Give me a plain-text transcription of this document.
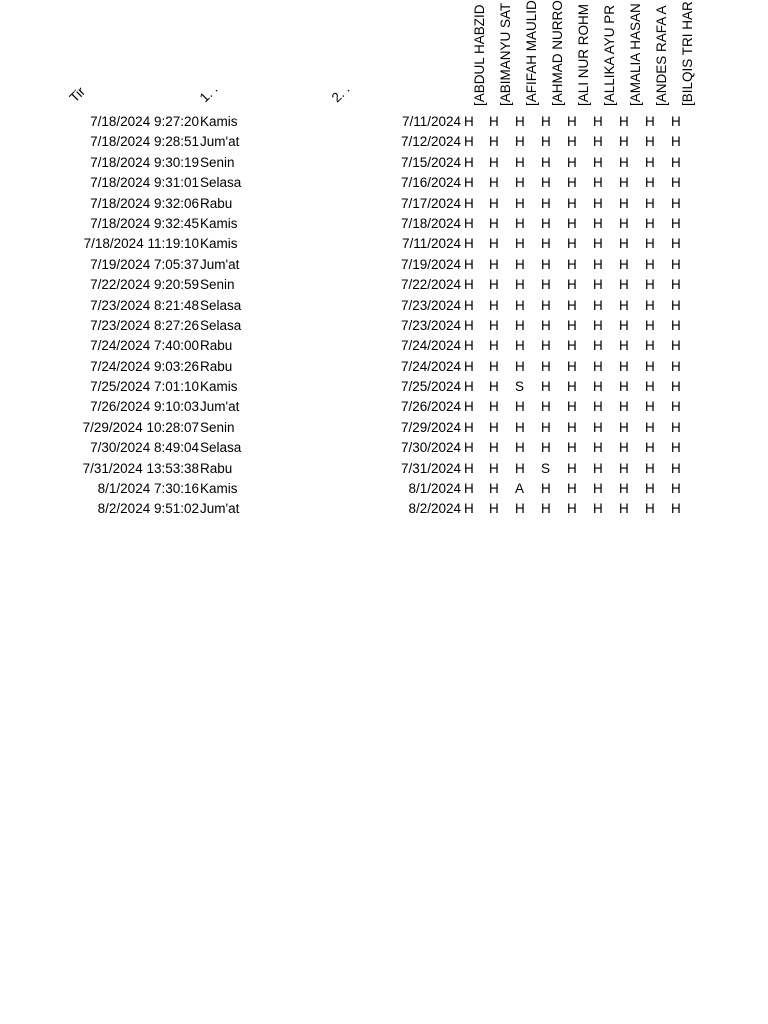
Tir	1. .	2. .	[ABDUL HABZID [ABIMANYU SAT [AFIFAH MAULID [AHMAD NURRO [ALI NUR ROHM [ALLIKA AYU PR [AMALIA HASAN [ANDES RAFA A [BILQIS TRI HAR
7/18/2024 9:27:20 Kamis	7/11/2024 H H H H H H H H H
7/18/2024 9:28:51 Jum'at	7/12/2024 H H H H H H H H H
7/18/2024 9:30:19 Senin	7/15/2024 H H H H H H H H H
7/18/2024 9:31:01 Selasa	7/16/2024 H H H H H H H H H
7/18/2024 9:32:06 Rabu	7/17/2024 H H H H H H H H H
7/18/2024 9:32:45 Kamis	7/18/2024 H H H H H H H H H
7/18/2024 11:19:10 Kamis	7/11/2024 H H H H H H H H H
7/19/2024 7:05:37 Jum'at	7/19/2024 H H H H H H H H H
7/22/2024 9:20:59 Senin	7/22/2024 H H H H H H H H H
7/23/2024 8:21:48 Selasa	7/23/2024 H H H H H H H H H
7/23/2024 8:27:26 Selasa	7/23/2024 H H H H H H H H H
7/24/2024 7:40:00 Rabu	7/24/2024 H H H H H H H H H
7/24/2024 9:03:26 Rabu	7/24/2024 H H H H H H H H H
7/25/2024 7:01:10 Kamis	7/25/2024 H H S H H H H H H
7/26/2024 9:10:03 Jum'at	7/26/2024 H H H H H H H H H
7/29/2024 10:28:07 Senin	7/29/2024 H H H H H H H H H
7/30/2024 8:49:04 Selasa	7/30/2024 H H H H H H H H H
7/31/2024 13:53:38 Rabu	7/31/2024 H H H S H H H H H
8/1/2024 7:30:16 Kamis	8/1/2024 H H A H H H H H H
8/2/2024 9:51:02 Jum'at	8/2/2024 H H H H H H H H H
